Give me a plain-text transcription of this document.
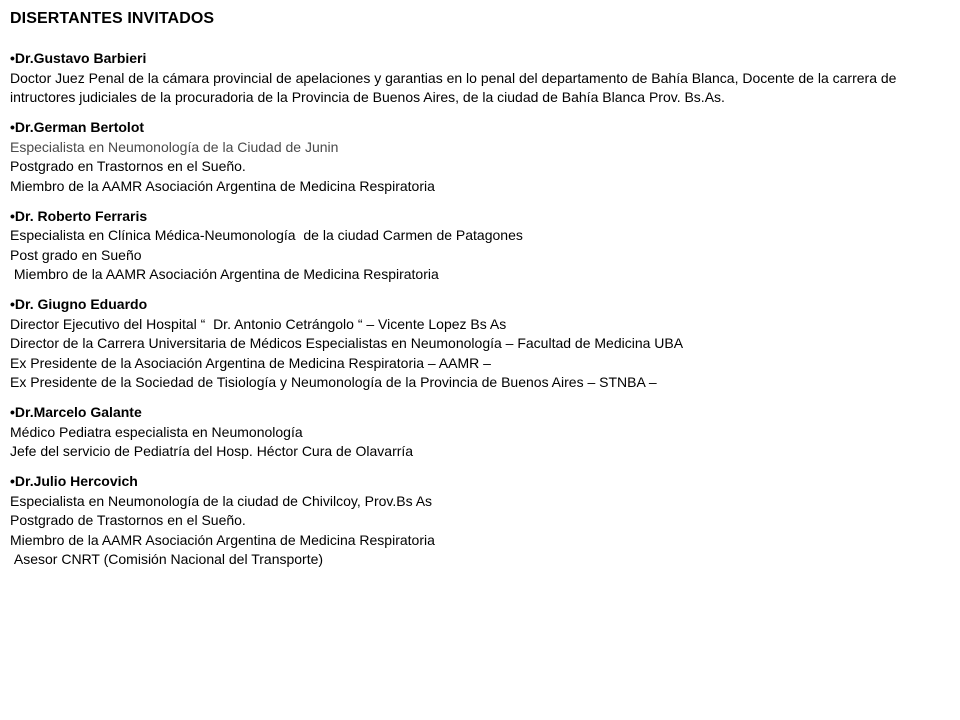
DISERTANTES INVITADOS
•Dr.Gustavo Barbieri
Doctor Juez Penal de la cámara provincial de apelaciones y garantias en lo penal del departamento de Bahía Blanca, Docente de la carrera de intructores judiciales de la procuradoria de la Provincia de Buenos Aires, de la ciudad de Bahía Blanca Prov. Bs.As.
•Dr.German Bertolot
Especialista en Neumonología de la Ciudad de Junin
Postgrado en Trastornos en el Sueño.
Miembro de la AAMR Asociación Argentina de Medicina Respiratoria
•Dr. Roberto Ferraris
Especialista en Clínica Médica-Neumonología  de la ciudad Carmen de Patagones
Post grado en Sueño
Miembro de la AAMR Asociación Argentina de Medicina Respiratoria
•Dr. Giugno Eduardo
Director Ejecutivo del Hospital “  Dr. Antonio Cetrángolo “ – Vicente Lopez Bs As
Director de la Carrera Universitaria de Médicos Especialistas en Neumonología – Facultad de Medicina UBA
Ex Presidente de la Asociación Argentina de Medicina Respiratoria – AAMR –
Ex Presidente de la Sociedad de Tisiología y Neumonología de la Provincia de Buenos Aires – STNBA –
•Dr.Marcelo Galante
Médico Pediatra especialista en Neumonología
Jefe del servicio de Pediatría del Hosp. Héctor Cura de Olavarría
•Dr.Julio Hercovich
Especialista en Neumonología de la ciudad de Chivilcoy, Prov.Bs As
Postgrado de Trastornos en el Sueño.
Miembro de la AAMR Asociación Argentina de Medicina Respiratoria
Asesor CNRT (Comisión Nacional del Transporte)
